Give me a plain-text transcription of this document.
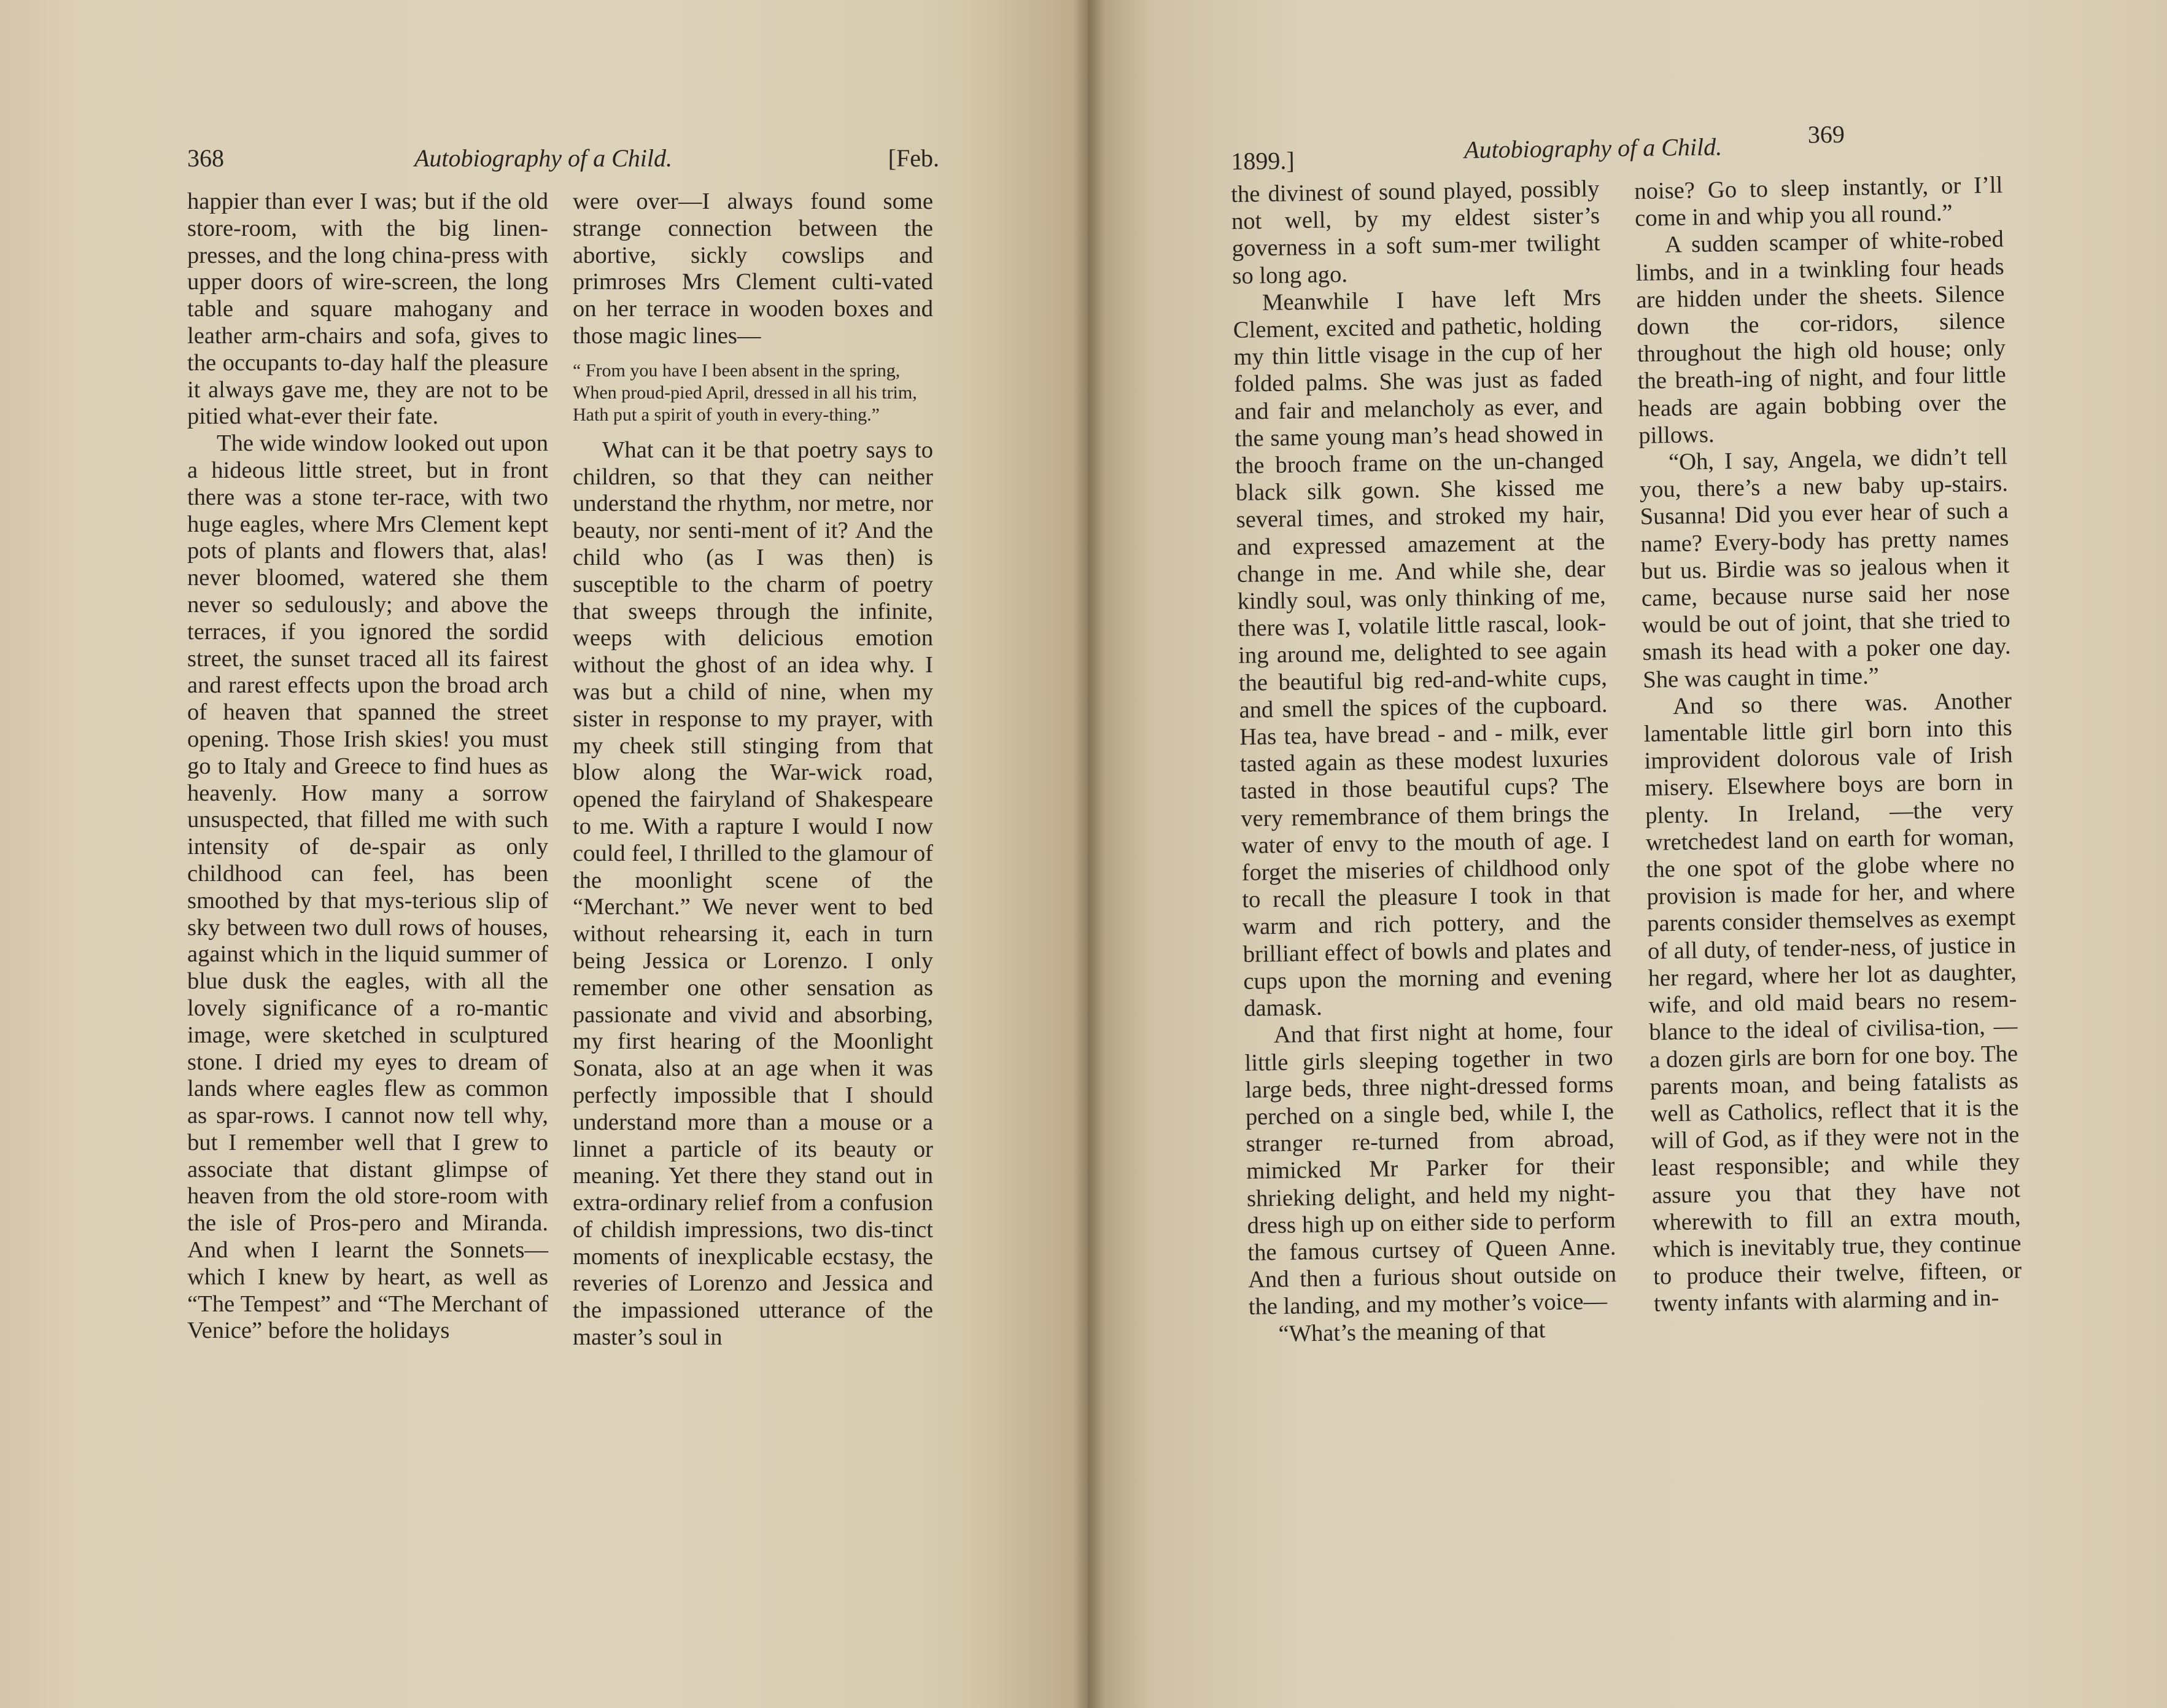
368	Autobiography of a Child.	[Feb.

happier than ever I was; but if the old store-room, with the big linen-presses, and the long china-press with upper doors of wire-screen, the long table and square mahogany and leather arm-chairs and sofa, gives to the occupants to-day half the pleasure it always gave me, they are not to be pitied what-ever their fate.

The wide window looked out upon a hideous little street, but in front there was a stone ter-race, with two huge eagles, where Mrs Clement kept pots of plants and flowers that, alas! never bloomed, watered she them never so sedulously; and above the terraces, if you ignored the sordid street, the sunset traced all its fairest and rarest effects upon the broad arch of heaven that spanned the street opening. Those Irish skies! you must go to Italy and Greece to find hues as heavenly. How many a sorrow unsuspected, that filled me with such intensity of de-spair as only childhood can feel, has been smoothed by that mys-terious slip of sky between two dull rows of houses, against which in the liquid summer of blue dusk the eagles, with all the lovely significance of a ro-mantic image, were sketched in sculptured stone. I dried my eyes to dream of lands where eagles flew as common as spar-rows. I cannot now tell why, but I remember well that I grew to associate that distant glimpse of heaven from the old store-room with the isle of Pros-pero and Miranda. And when I learnt the Sonnets—which I knew by heart, as well as “The Tempest” and “The Merchant of Venice” before the holidays

were over—I always found some strange connection between the abortive, sickly cowslips and primroses Mrs Clement culti-vated on her terrace in wooden boxes and those magic lines—

“ From you have I been absent in the spring,
When proud-pied April, dressed in all his trim,
Hath put a spirit of youth in every-thing.”

What can it be that poetry says to children, so that they can neither understand the rhythm, nor metre, nor beauty, nor senti-ment of it? And the child who (as I was then) is susceptible to the charm of poetry that sweeps through the infinite, weeps with delicious emotion without the ghost of an idea why. I was but a child of nine, when my sister in response to my prayer, with my cheek still stinging from that blow along the War-wick road, opened the fairyland of Shakespeare to me. With a rapture I would I now could feel, I thrilled to the glamour of the moonlight scene of the “Merchant.” We never went to bed without rehearsing it, each in turn being Jessica or Lorenzo. I only remember one other sensation as passionate and vivid and absorbing, my first hearing of the Moonlight Sonata, also at an age when it was perfectly impossible that I should understand more than a mouse or a linnet a particle of its beauty or meaning. Yet there they stand out in extra-ordinary relief from a confusion of childish impressions, two dis-tinct moments of inexplicable ecstasy, the reveries of Lorenzo and Jessica and the impassioned utterance of the master’s soul in

1899.]	Autobiography of a Child.	369

the divinest of sound played, possibly not well, by my eldest sister’s governess in a soft sum-mer twilight so long ago.

Meanwhile I have left Mrs Clement, excited and pathetic, holding my thin little visage in the cup of her folded palms. She was just as faded and fair and melancholy as ever, and the same young man’s head showed in the brooch frame on the un-changed black silk gown. She kissed me several times, and stroked my hair, and expressed amazement at the change in me. And while she, dear kindly soul, was only thinking of me, there was I, volatile little rascal, look-ing around me, delighted to see again the beautiful big red-and-white cups, and smell the spices of the cupboard. Has tea, have bread - and - milk, ever tasted again as these modest luxuries tasted in those beautiful cups? The very remembrance of them brings the water of envy to the mouth of age. I forget the miseries of childhood only to recall the pleasure I took in that warm and rich pottery, and the brilliant effect of bowls and plates and cups upon the morning and evening damask.

And that first night at home, four little girls sleeping together in two large beds, three night-dressed forms perched on a single bed, while I, the stranger re-turned from abroad, mimicked Mr Parker for their shrieking delight, and held my night-dress high up on either side to perform the famous curtsey of Queen Anne. And then a furious shout outside on the landing, and my mother’s voice—

“What’s the meaning of that

noise? Go to sleep instantly, or I’ll come in and whip you all round.”

A sudden scamper of white-robed limbs, and in a twinkling four heads are hidden under the sheets. Silence down the cor-ridors, silence throughout the high old house; only the breath-ing of night, and four little heads are again bobbing over the pillows.

“Oh, I say, Angela, we didn’t tell you, there’s a new baby up-stairs. Susanna! Did you ever hear of such a name? Every-body has pretty names but us. Birdie was so jealous when it came, because nurse said her nose would be out of joint, that she tried to smash its head with a poker one day. She was caught in time.”

And so there was. Another lamentable little girl born into this improvident dolorous vale of Irish misery. Elsewhere boys are born in plenty. In Ireland, —the very wretchedest land on earth for woman, the one spot of the globe where no provision is made for her, and where parents consider themselves as exempt of all duty, of tender-ness, of justice in her regard, where her lot as daughter, wife, and old maid bears no resem-blance to the ideal of civilisa-tion, — a dozen girls are born for one boy. The parents moan, and being fatalists as well as Catholics, reflect that it is the will of God, as if they were not in the least responsible; and while they assure you that they have not wherewith to fill an extra mouth, which is inevitably true, they continue to produce their twelve, fifteen, or twenty infants with alarming and in-
